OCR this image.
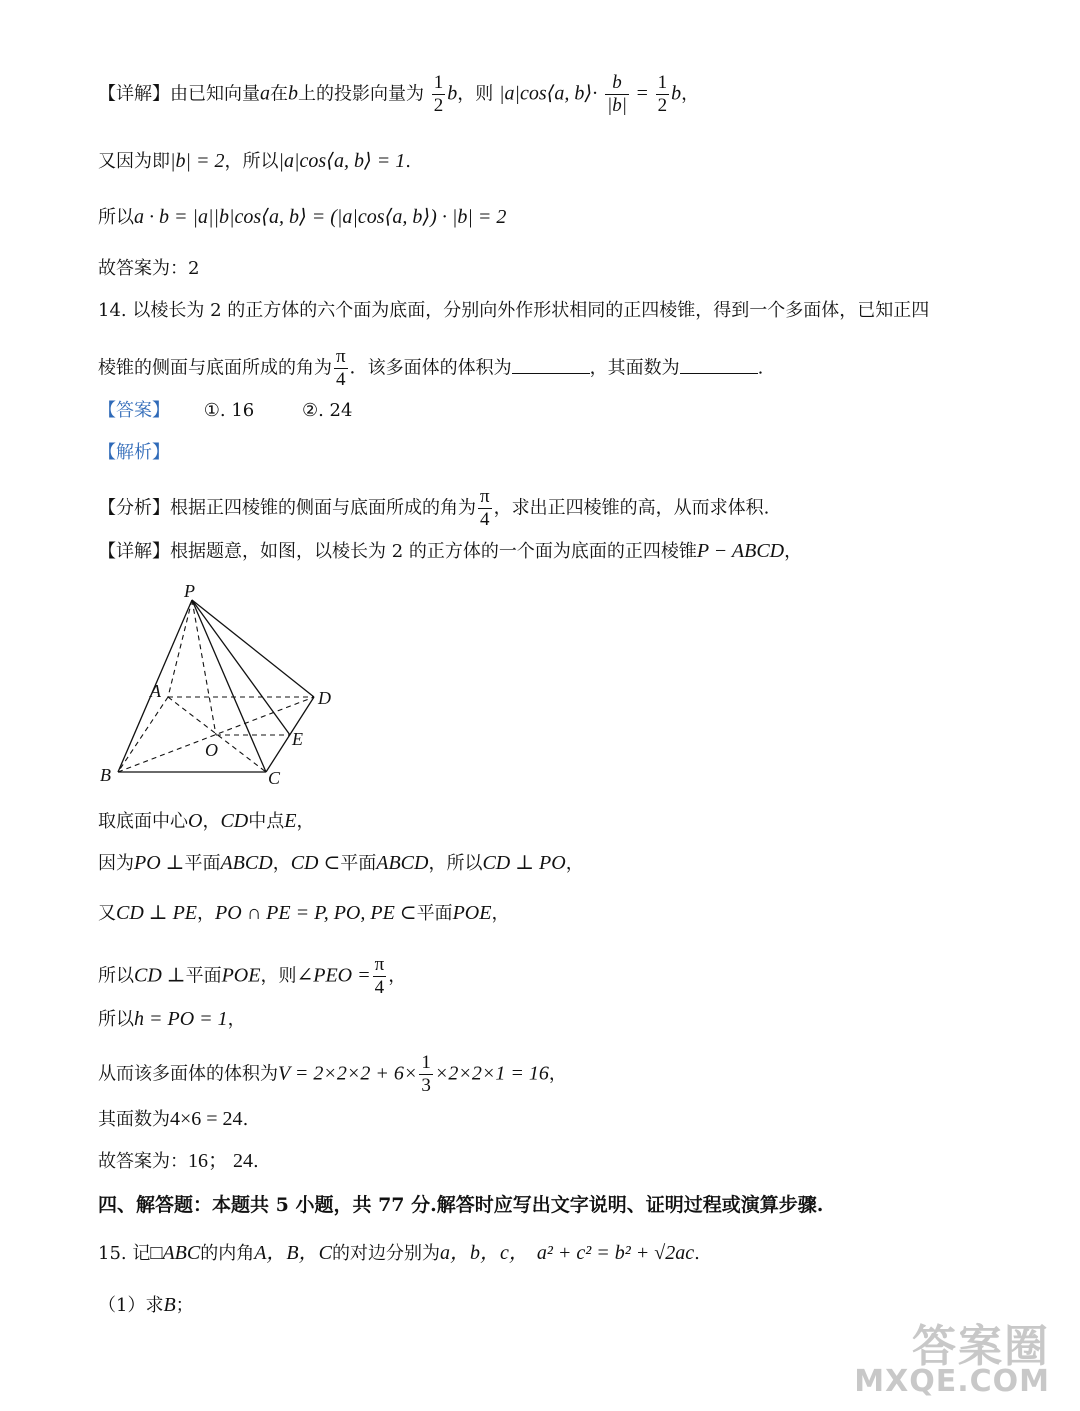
【详解】由已知向量a在b上的投影向量为 $\frac{1}{2}$ b，则 |a|cos⟨a, b⟩· $\frac{b}{|b|} = \frac{1}{2}$ b，
又因为即|b| = 2，所以|a|cos⟨a, b⟩ = 1.
所以a · b = |a||b|cos⟨a, b⟩ = (|a|cos⟨a, b⟩) · |b| = 2
故答案为：2
14. 以棱长为 2 的正方体的六个面为底面，分别向外作形状相同的正四棱锥，得到一个多面体，已知正四
棱锥的侧面与底面所成的角为 $\frac{\pi}{4}$ ．该多面体的体积为	，其面数为	.
【答案】 ①. 16	②. 24
【解析】
【分析】根据正四棱锥的侧面与底面所成的角为 $\frac{\pi}{4}$ ，求出正四棱锥的高，从而求体积.
【详解】根据题意，如图，以棱长为 2 的正方体的一个面为底面的正四棱锥P − ABCD，
P
A	D
O
E
B	C
取底面中心O，CD中点E，
因为PO ⊥平面ABCD，CD ⊂平面ABCD，所以CD ⊥ PO，
又CD ⊥ PE，PO ∩ PE = P, PO, PE ⊂平面POE，
所以CD ⊥平面POE，则∠PEO = $\frac{\pi}{4}$ ，
所以h = PO = 1，
从而该多面体的体积为$V = 2\times 2\times 2 + 6\times \frac{1}{3} \times 2\times 2\times 1 = 16$，
其面数为4×6 = 24.
故答案为：16； 24.
四、解答题：本题共 5 小题，共 77 分.解答时应写出文字说明、证明过程或演算步骤.
15. 记□ABC的内角A，B，C的对边分别为a，b，c， a² + c² = b² + √2ac.
（1）求B；
答案圈
MXQE.COM
